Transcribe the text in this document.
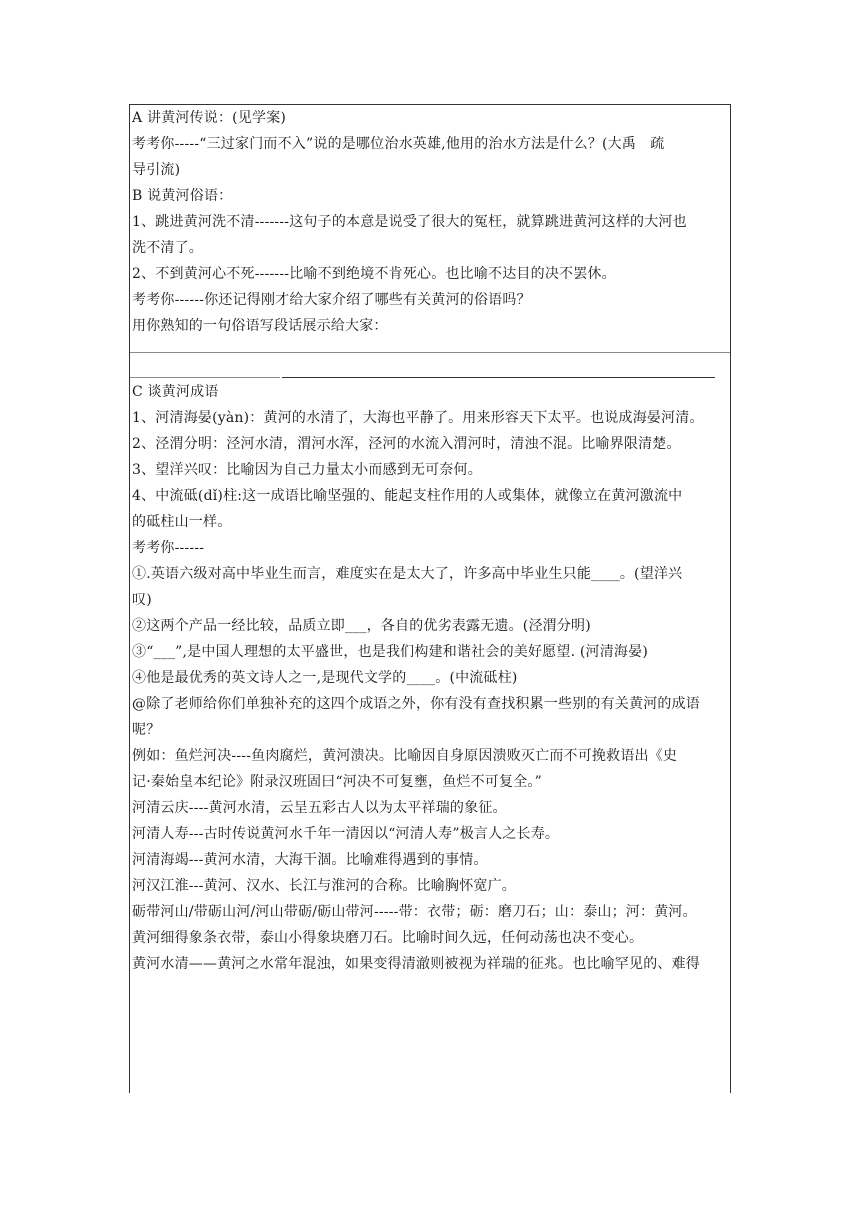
A 讲黄河传说：(见学案)
考考你-----“三过家门而不入”说的是哪位治水英雄,他用的治水方法是什么？(大禹　疏
导引流)
B 说黄河俗语：
1、跳进黄河洗不清-------这句子的本意是说受了很大的冤枉，就算跳进黄河这样的大河也
洗不清了。
2、不到黄河心不死-------比喻不到绝境不肯死心。也比喻不达目的决不罢休。
考考你------你还记得刚才给大家介绍了哪些有关黄河的俗语吗？
用你熟知的一句俗语写段话展示给大家：
C 谈黄河成语
1、河清海晏(yàn)：黄河的水清了，大海也平静了。用来形容天下太平。也说成海晏河清。
2、泾渭分明：泾河水清，渭河水浑，泾河的水流入渭河时，清浊不混。比喻界限清楚。
3、望洋兴叹：比喻因为自己力量太小而感到无可奈何。
4、中流砥(dǐ)柱:这一成语比喻坚强的、能起支柱作用的人或集体，就像立在黄河激流中
的砥柱山一样。
考考你------
①.英语六级对高中毕业生而言，难度实在是太大了，许多高中毕业生只能____。(望洋兴
叹)
②这两个产品一经比较，品质立即___，各自的优劣表露无遗。(泾渭分明)
③“___”,是中国人理想的太平盛世，也是我们构建和谐社会的美好愿望. (河清海晏)
④他是最优秀的英文诗人之一,是现代文学的____。(中流砥柱)
@除了老师给你们单独补充的这四个成语之外，你有没有查找积累一些别的有关黄河的成语
呢？
例如：鱼烂河决----鱼肉腐烂，黄河溃决。比喻因自身原因溃败灭亡而不可挽救语出《史
记·秦始皇本纪论》附录汉班固曰“河决不可复壅，鱼烂不可复全。”
河清云庆----黄河水清，云呈五彩古人以为太平祥瑞的象征。
河清人寿---古时传说黄河水千年一清因以“河清人寿”极言人之长寿。
河清海竭---黄河水清，大海干涸。比喻难得遇到的事情。
河汉江淮---黄河、汉水、长江与淮河的合称。比喻胸怀宽广。
砺带河山/带砺山河/河山带砺/砺山带河-----带：衣带；砺：磨刀石；山：泰山；河：黄河。
黄河细得象条衣带，泰山小得象块磨刀石。比喻时间久远，任何动荡也决不变心。
黄河水清——黄河之水常年混浊，如果变得清澈则被视为祥瑞的征兆。也比喻罕见的、难得
